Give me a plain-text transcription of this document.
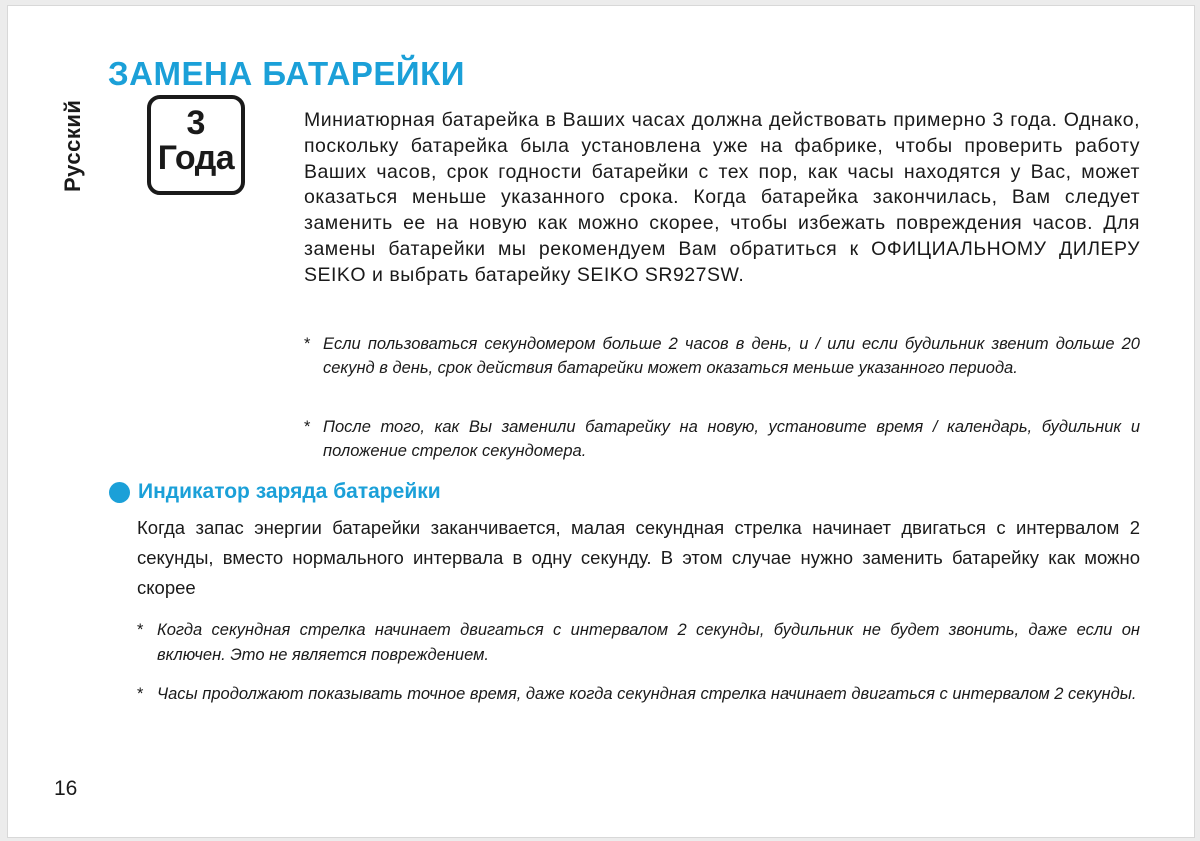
Русский
ЗАМЕНА БАТАРЕЙКИ
3
Года

Миниатюрная батарейка в Ваших часах должна действовать примерно 3 года. Однако, поскольку батарейка была установлена уже на фабрике, чтобы проверить работу Ваших часов, срок годности батарейки с тех пор, как часы находятся у Вас, может оказаться меньше указанного срока. Когда батарейка закончилась, Вам следует заменить ее на новую как можно скорее, чтобы избежать повреждения часов. Для замены батарейки мы рекомендуем Вам обратиться к ОФИЦИАЛЬНОМУ ДИЛЕРУ SEIKO и выбрать батарейку SEIKO SR927SW.

* Если пользоваться секундомером больше 2 часов в день, и / или если будильник звенит дольше 20 секунд в день, срок действия батарейки может оказаться меньше указанного периода.
* После того, как Вы заменили батарейку на новую, установите время / календарь, будильник и положение стрелок секундомера.
Индикатор заряда батарейки

Когда запас энергии батарейки заканчивается, малая секундная стрелка начинает двигаться с интервалом 2 секунды, вместо нормального интервала в одну секунду. В этом случае нужно заменить батарейку как можно скорее

* Когда секундная стрелка начинает двигаться с интервалом 2 секунды, будильник не будет звонить, даже если он включен. Это не является повреждением.
* Часы продолжают показывать точное время, даже когда секундная стрелка начинает двигаться с интервалом 2 секунды.
16
